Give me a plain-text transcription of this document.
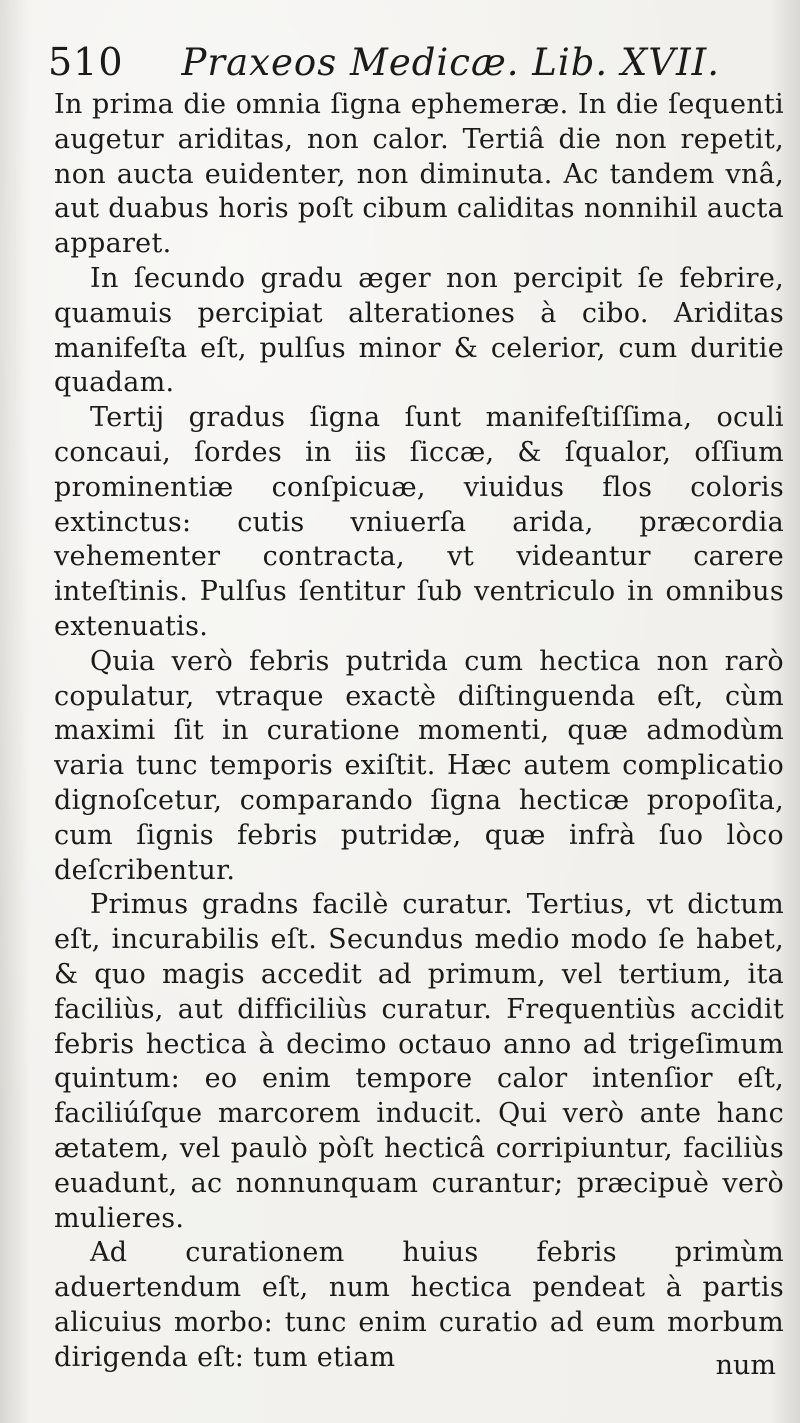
510 Praxeos Medicæ. Lib. XVII.

In prima die omnia ſigna ephemeræ. In die ſequenti augetur ariditas, non calor. Tertiâ die non repetit, non aucta euidenter, non diminuta. Ac tandem vnâ, aut duabus horis poſt cibum caliditas nonnihil aucta apparet.

In ſecundo gradu æger non percipit ſe febrire, quamuis percipiat alterationes à cibo. Ariditas manifeſta eſt, pulſus minor & celerior, cum duritie quadam.

Tertij gradus ſigna ſunt manifeſtiſſima, oculi concaui, ſordes in iis ſiccæ, & ſqualor, oſſium prominentiæ conſpicuæ, viuidus flos coloris extinctus: cutis vniuerſa arida, præcordia vehementer contracta, vt videantur carere inteſtinis. Pulſus ſentitur ſub ventriculo in omnibus extenuatis.

Quia verò febris putrida cum hectica non rarò copulatur, vtraque exactè diſtinguenda eſt, cùm maximi ſit in curatione momenti, quæ admodùm varia tunc temporis exiſtit. Hæc autem complicatio dignoſcetur, comparando ſigna hecticæ propoſita, cum ſignis febris putridæ, quæ infrà ſuo lòco deſcribentur.

Primus gradns facilè curatur. Tertius, vt dictum eſt, incurabilis eſt. Secundus medio modo ſe habet, & quo magis accedit ad primum, vel tertium, ita faciliùs, aut difficiliùs curatur. Frequentiùs accidit febris hectica à decimo octauo anno ad trigeſimum quintum: eo enim tempore calor intenſior eſt, faciliúſque marcorem inducit. Qui verò ante hanc ætatem, vel paulò pòſt hecticâ corripiuntur, faciliùs euadunt, ac nonnunquam curantur; præcipuè verò mulieres.

Ad curationem huius febris primùm aduertendum eſt, num hectica pendeat à partis alicuius morbo: tunc enim curatio ad eum morbum dirigenda eſt: tum etiam	num
